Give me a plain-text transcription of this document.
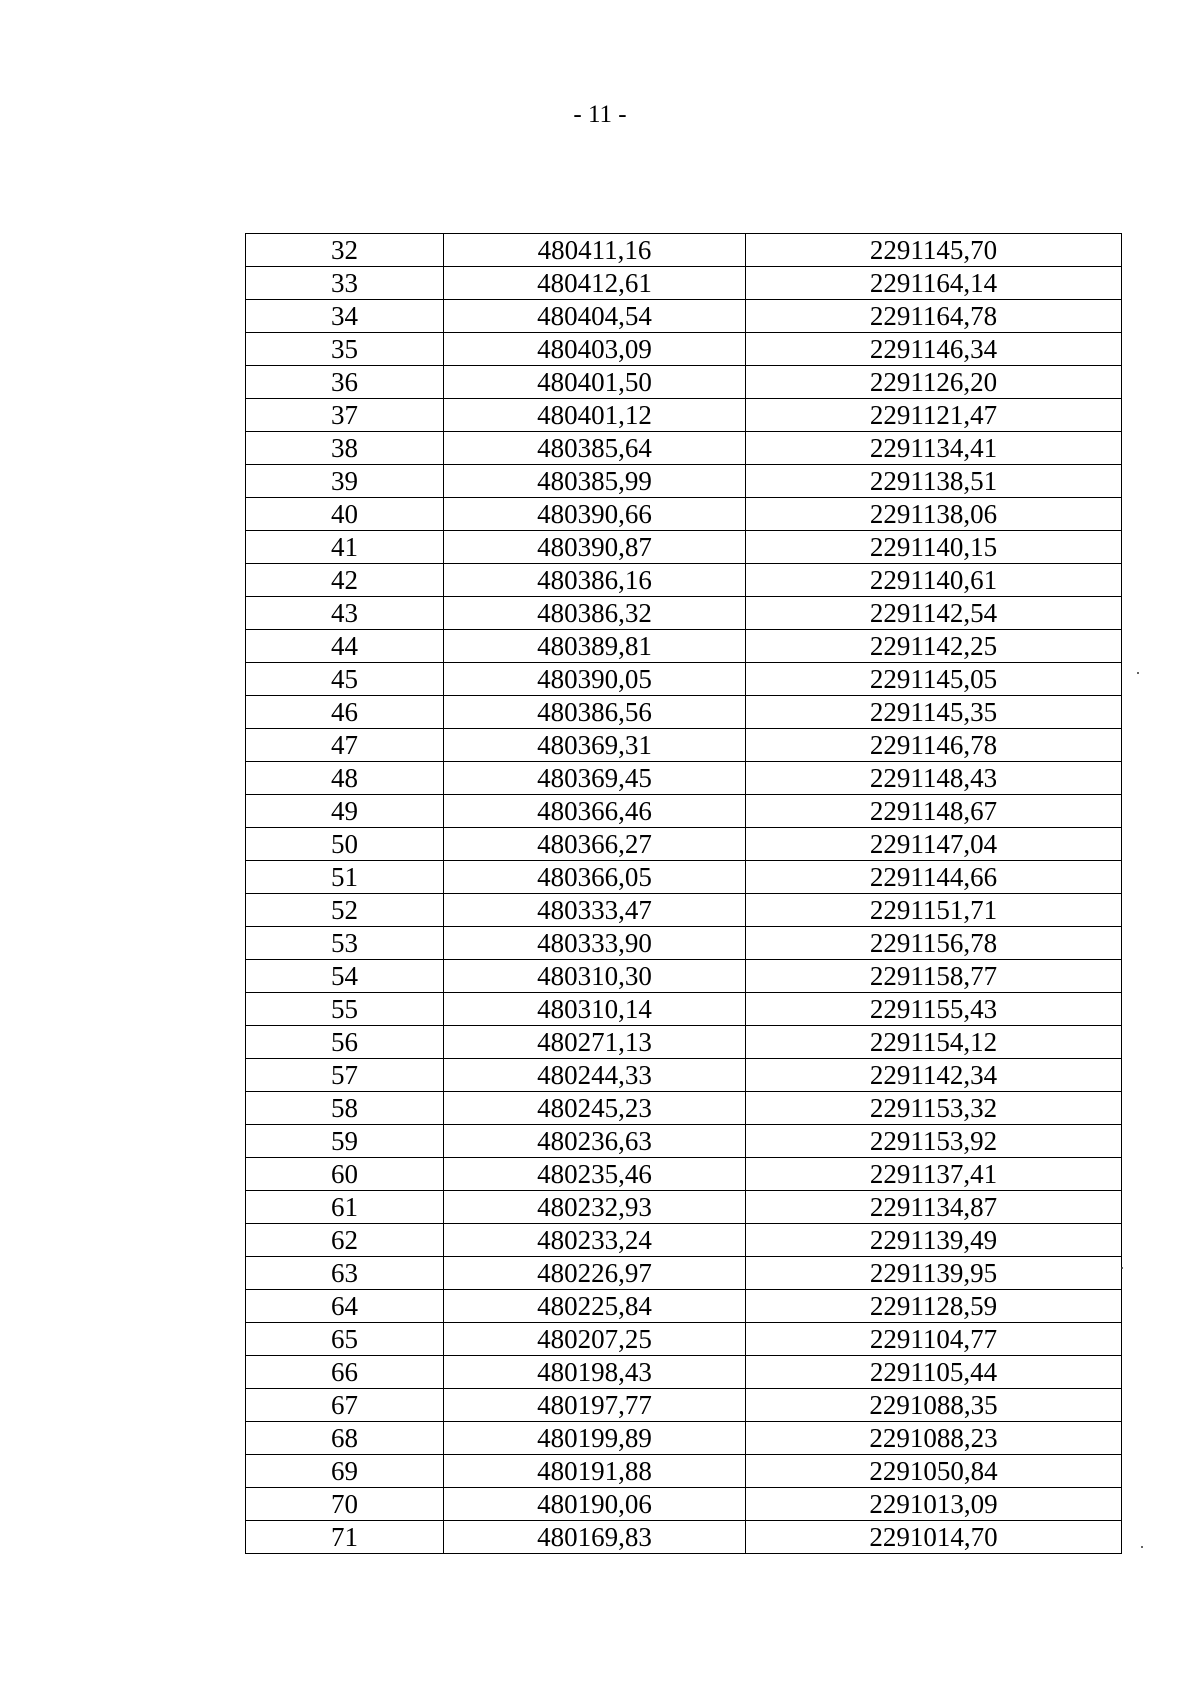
- 11 -
32	480411,16	2291145,70
33	480412,61	2291164,14
34	480404,54	2291164,78
35	480403,09	2291146,34
36	480401,50	2291126,20
37	480401,12	2291121,47
38	480385,64	2291134,41
39	480385,99	2291138,51
40	480390,66	2291138,06
41	480390,87	2291140,15
42	480386,16	2291140,61
43	480386,32	2291142,54
44	480389,81	2291142,25
45	480390,05	2291145,05
46	480386,56	2291145,35
47	480369,31	2291146,78
48	480369,45	2291148,43
49	480366,46	2291148,67
50	480366,27	2291147,04
51	480366,05	2291144,66
52	480333,47	2291151,71
53	480333,90	2291156,78
54	480310,30	2291158,77
55	480310,14	2291155,43
56	480271,13	2291154,12
57	480244,33	2291142,34
58	480245,23	2291153,32
59	480236,63	2291153,92
60	480235,46	2291137,41
61	480232,93	2291134,87
62	480233,24	2291139,49
63	480226,97	2291139,95
64	480225,84	2291128,59
65	480207,25	2291104,77
66	480198,43	2291105,44
67	480197,77	2291088,35
68	480199,89	2291088,23
69	480191,88	2291050,84
70	480190,06	2291013,09
71	480169,83	2291014,70
